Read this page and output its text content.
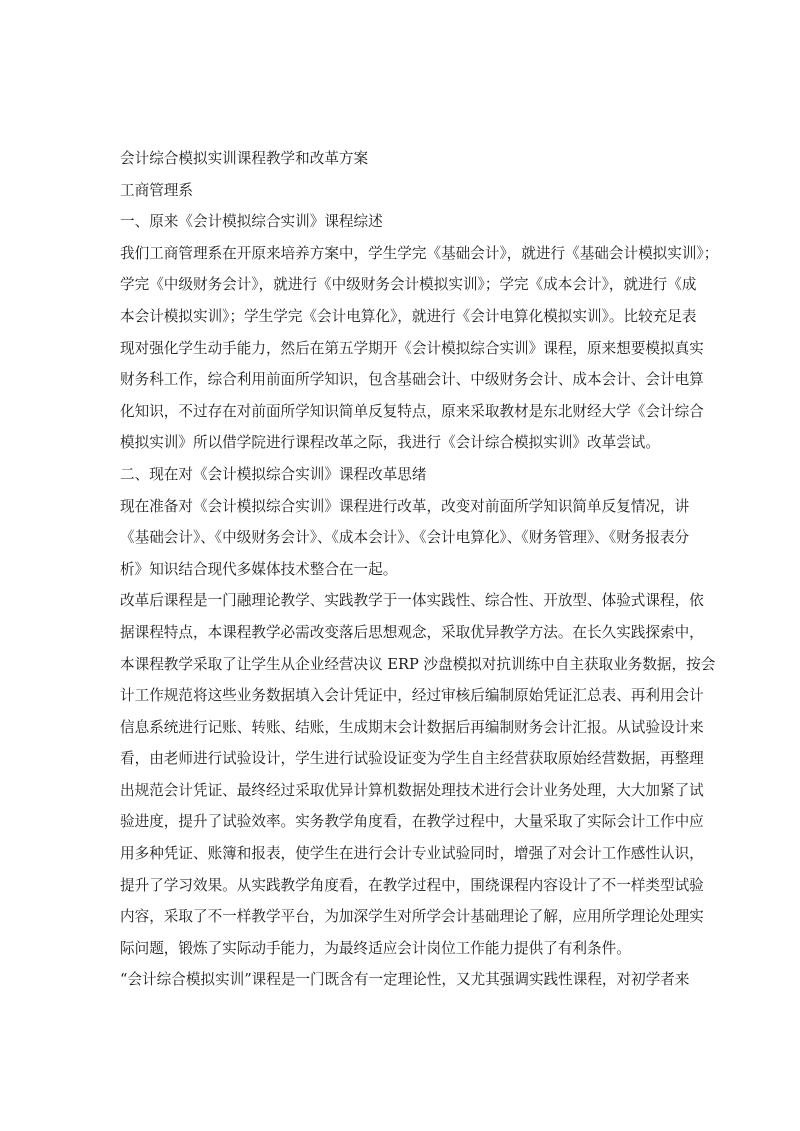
会计综合模拟实训课程教学和改革方案
工商管理系
一、原来《会计模拟综合实训》课程综述
我们工商管理系在开原来培养方案中，学生学完《基础会计》，就进行《基础会计模拟实训》；
学完《中级财务会计》，就进行《中级财务会计模拟实训》；学完《成本会计》，就进行《成
本会计模拟实训》；学生学完《会计电算化》，就进行《会计电算化模拟实训》。比较充足表
现对强化学生动手能力，然后在第五学期开《会计模拟综合实训》课程，原来想要模拟真实
财务科工作，综合利用前面所学知识，包含基础会计、中级财务会计、成本会计、会计电算
化知识，不过存在对前面所学知识简单反复特点，原来采取教材是东北财经大学《会计综合
模拟实训》所以借学院进行课程改革之际，我进行《会计综合模拟实训》改革尝试。
二、现在对《会计模拟综合实训》课程改革思绪
现在准备对《会计模拟综合实训》课程进行改革，改变对前面所学知识简单反复情况，讲
《基础会计》、《中级财务会计》、《成本会计》、《会计电算化》、《财务管理》、《财务报表分
析》知识结合现代多媒体技术整合在一起。
改革后课程是一门融理论教学、实践教学于一体实践性、综合性、开放型、体验式课程，依
据课程特点，本课程教学必需改变落后思想观念，采取优异教学方法。在长久实践探索中，
本课程教学采取了让学生从企业经营决议 ERP 沙盘模拟对抗训练中自主获取业务数据，按会
计工作规范将这些业务数据填入会计凭证中，经过审核后编制原始凭证汇总表、再利用会计
信息系统进行记账、转账、结账，生成期末会计数据后再编制财务会计汇报。从试验设计来
看，由老师进行试验设计，学生进行试验设证变为学生自主经营获取原始经营数据，再整理
出规范会计凭证、最终经过采取优异计算机数据处理技术进行会计业务处理，大大加紧了试
验进度，提升了试验效率。实务教学角度看，在教学过程中，大量采取了实际会计工作中应
用多种凭证、账簿和报表，使学生在进行会计专业试验同时，增强了对会计工作感性认识，
提升了学习效果。从实践教学角度看，在教学过程中，围绕课程内容设计了不一样类型试验
内容，采取了不一样教学平台，为加深学生对所学会计基础理论了解，应用所学理论处理实
际问题，锻炼了实际动手能力，为最终适应会计岗位工作能力提供了有利条件。
“会计综合模拟实训”课程是一门既含有一定理论性，又尤其强调实践性课程，对初学者来
